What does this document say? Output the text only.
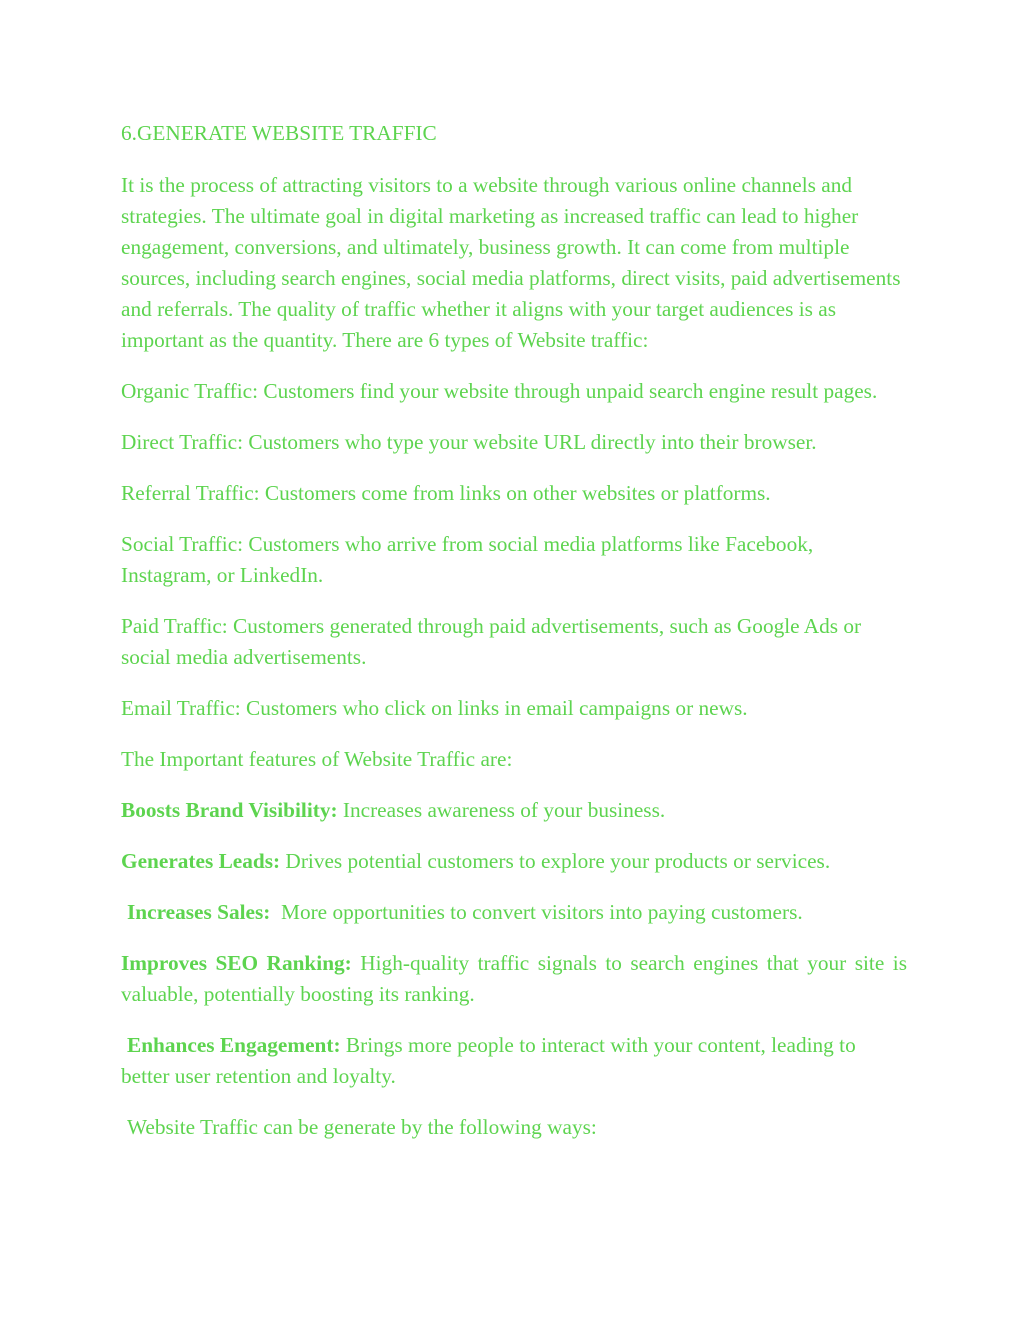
6.GENERATE WEBSITE TRAFFIC

It is the process of attracting visitors to a website through various online channels and strategies. The ultimate goal in digital marketing as increased traffic can lead to higher engagement, conversions, and ultimately, business growth. It can come from multiple sources, including search engines, social media platforms, direct visits, paid advertisements and referrals. The quality of traffic whether it aligns with your target audiences is as important as the quantity. There are 6 types of Website traffic:

Organic Traffic: Customers find your website through unpaid search engine result pages.

Direct Traffic: Customers who type your website URL directly into their browser.

Referral Traffic: Customers come from links on other websites or platforms.

Social Traffic: Customers who arrive from social media platforms like Facebook, Instagram, or LinkedIn.

Paid Traffic: Customers generated through paid advertisements, such as Google Ads or social media advertisements.

Email Traffic: Customers who click on links in email campaigns or news.

The Important features of Website Traffic are:

Boosts Brand Visibility: Increases awareness of your business.

Generates Leads: Drives potential customers to explore your products or services.

Increases Sales:  More opportunities to convert visitors into paying customers.

Improves SEO Ranking: High-quality traffic signals to search engines that your site is valuable, potentially boosting its ranking.

Enhances Engagement: Brings more people to interact with your content, leading to better user retention and loyalty.

Website Traffic can be generate by the following ways:
